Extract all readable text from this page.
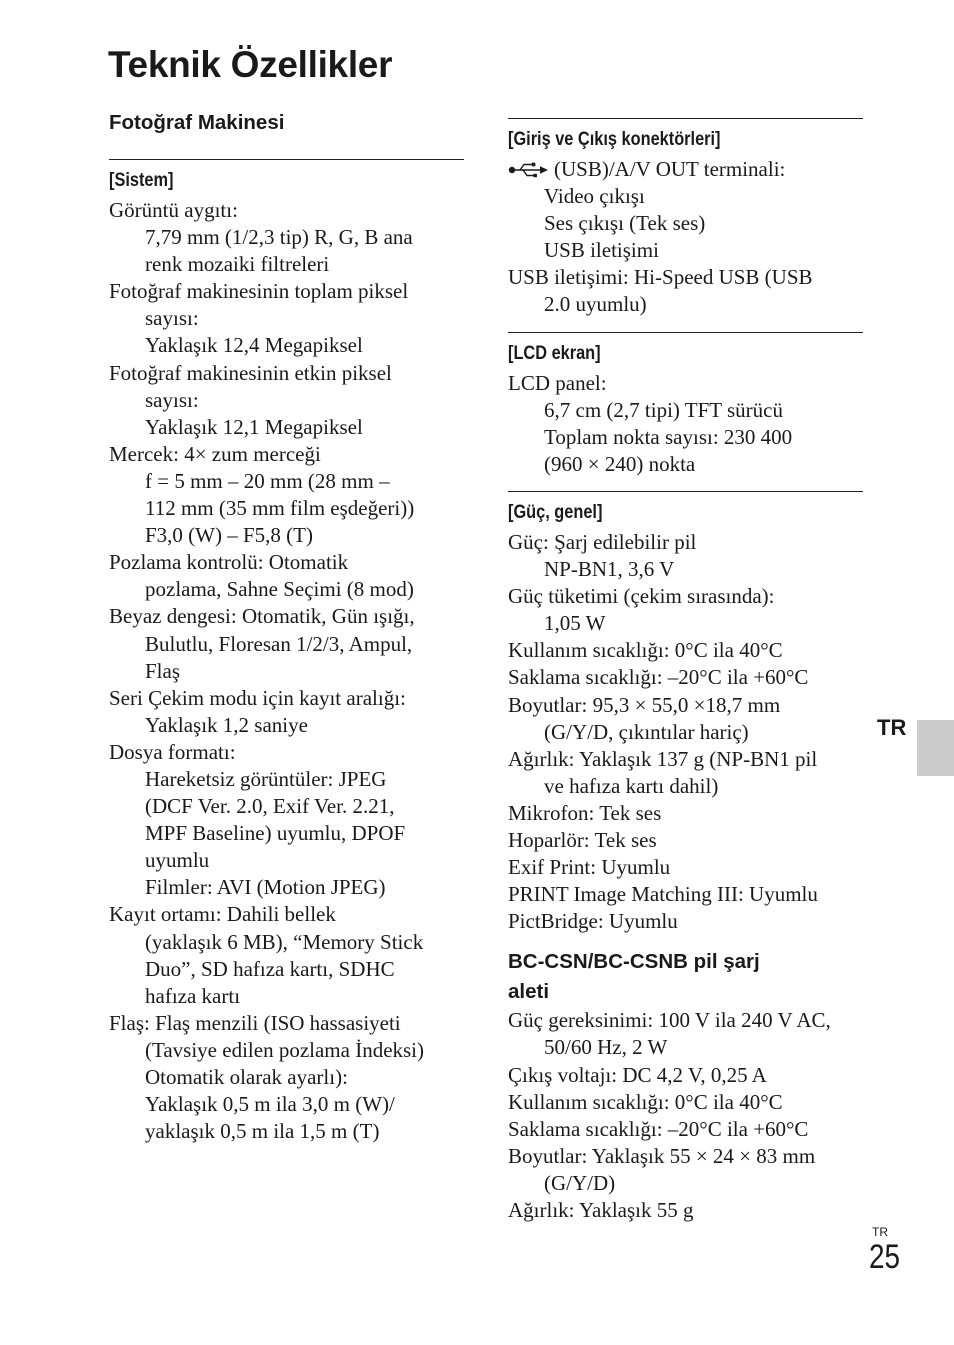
Teknik Özellikler
Fotoğraf Makinesi
[Sistem]
Görüntü aygıtı:
7,79 mm (1/2,3 tip) R, G, B ana
renk mozaiki filtreleri
Fotoğraf makinesinin toplam piksel
sayısı:
Yaklaşık 12,4 Megapiksel
Fotoğraf makinesinin etkin piksel
sayısı:
Yaklaşık 12,1 Megapiksel
Mercek: 4× zum merceği
f = 5 mm – 20 mm (28 mm –
112 mm (35 mm film eşdeğeri))
F3,0 (W) – F5,8 (T)
Pozlama kontrolü: Otomatik
pozlama, Sahne Seçimi (8 mod)
Beyaz dengesi: Otomatik, Gün ışığı,
Bulutlu, Floresan 1/2/3, Ampul,
Flaş
Seri Çekim modu için kayıt aralığı:
Yaklaşık 1,2 saniye
Dosya formatı:
Hareketsiz görüntüler: JPEG
(DCF Ver. 2.0, Exif Ver. 2.21,
MPF Baseline) uyumlu, DPOF
uyumlu
Filmler: AVI (Motion JPEG)
Kayıt ortamı: Dahili bellek
(yaklaşık 6 MB), “Memory Stick
Duo”, SD hafıza kartı, SDHC
hafıza kartı
Flaş: Flaş menzili (ISO hassasiyeti
(Tavsiye edilen pozlama İndeksi)
Otomatik olarak ayarlı):
Yaklaşık 0,5 m ila 3,0 m (W)/
yaklaşık 0,5 m ila 1,5 m (T)
[Giriş ve Çıkış konektörleri]
(USB)/A/V OUT terminali:
Video çıkışı
Ses çıkışı (Tek ses)
USB iletişimi
USB iletişimi: Hi-Speed USB (USB
2.0 uyumlu)
[LCD ekran]
LCD panel:
6,7 cm (2,7 tipi) TFT sürücü
Toplam nokta sayısı: 230 400
(960 × 240) nokta
[Güç, genel]
Güç: Şarj edilebilir pil
NP-BN1, 3,6 V
Güç tüketimi (çekim sırasında):
1,05 W
Kullanım sıcaklığı: 0°C ila 40°C
Saklama sıcaklığı: –20°C ila +60°C
Boyutlar: 95,3 × 55,0 ×18,7 mm
(G/Y/D, çıkıntılar hariç)
Ağırlık: Yaklaşık 137 g (NP-BN1 pil
ve hafıza kartı dahil)
Mikrofon: Tek ses
Hoparlör: Tek ses
Exif Print: Uyumlu
PRINT Image Matching III: Uyumlu
PictBridge: Uyumlu
BC-CSN/BC-CSNB pil şarj
aleti
Güç gereksinimi: 100 V ila 240 V AC,
50/60 Hz, 2 W
Çıkış voltajı: DC 4,2 V, 0,25 A
Kullanım sıcaklığı: 0°C ila 40°C
Saklama sıcaklığı: –20°C ila +60°C
Boyutlar: Yaklaşık 55 × 24 × 83 mm
(G/Y/D)
Ağırlık: Yaklaşık 55 g
TR
TR
25
